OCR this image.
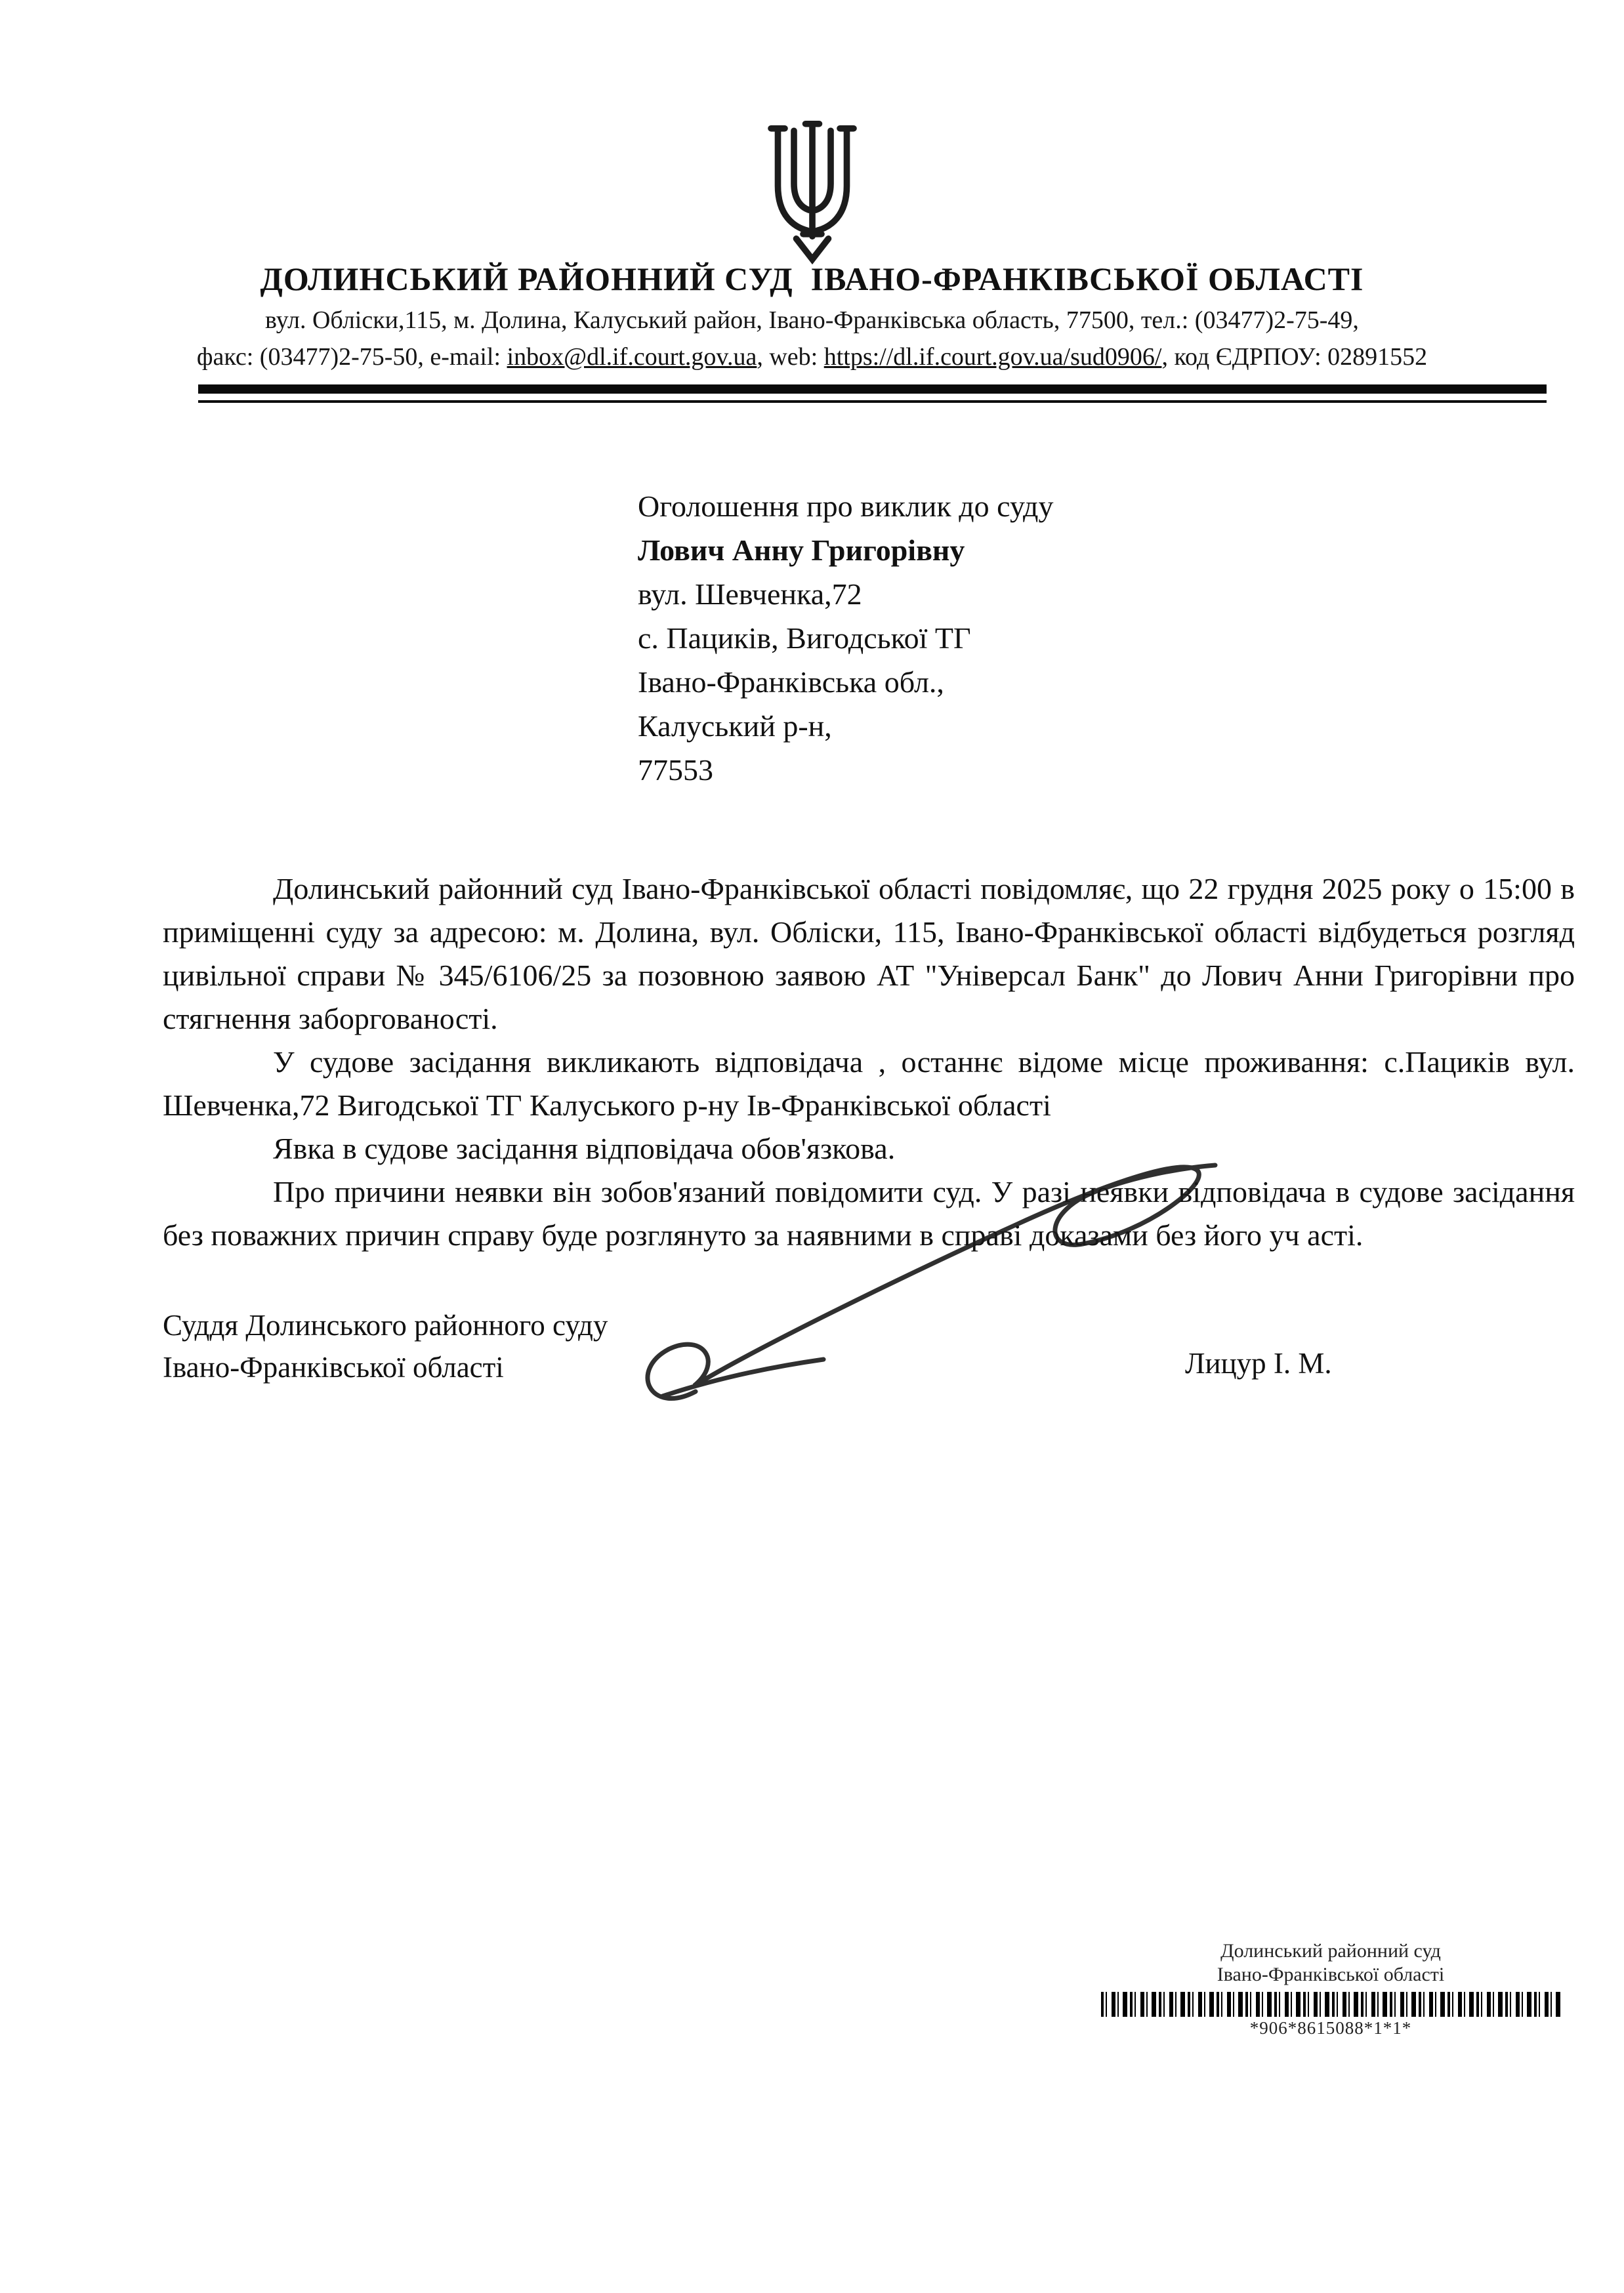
ДОЛИНСЬКИЙ РАЙОННИЙ СУД  ІВАНО-ФРАНКІВСЬКОЇ ОБЛАСТІ
вул. Обліски,115, м. Долина, Калуський район, Івано-Франківська область, 77500, тел.: (03477)2-75-49,
факс: (03477)2-75-50, e-mail: inbox@dl.if.court.gov.ua, web: https://dl.if.court.gov.ua/sud0906/, код ЄДРПОУ: 02891552
Оголошення про виклик до суду
Лович Анну Григорівну
вул. Шевченка,72
с. Пациків, Вигодської ТГ
Івано-Франківська обл.,
Калуський р-н,
77553

Долинський районний суд Івано-Франківської області повідомляє, що 22 грудня 2025 року о 15:00 в приміщенні суду за адресою: м. Долина, вул. Обліски, 115, Івано-Франківської області відбудеться розгляд цивільної справи № 345/6106/25 за позовною заявою АТ "Універсал Банк" до Лович Анни Григорівни про стягнення заборгованості.

У судове засідання викликають відповідача , останнє відоме місце проживання: с.Пациків вул. Шевченка,72 Вигодської ТГ Калуського р-ну Ів-Франківської області

Явка в судове засідання відповідача обов'язкова.

Про причини неявки він зобов'язаний повідомити суд. У разі неявки відповідача в судове засідання без поважних причин справу буде розглянуто за наявними в справі доказами без його уч асті.

Суддя Долинського районного суду
Івано-Франківської області	Лицур І. М.
Долинський районний суд
Івано-Франківської області
*906*8615088*1*1*
